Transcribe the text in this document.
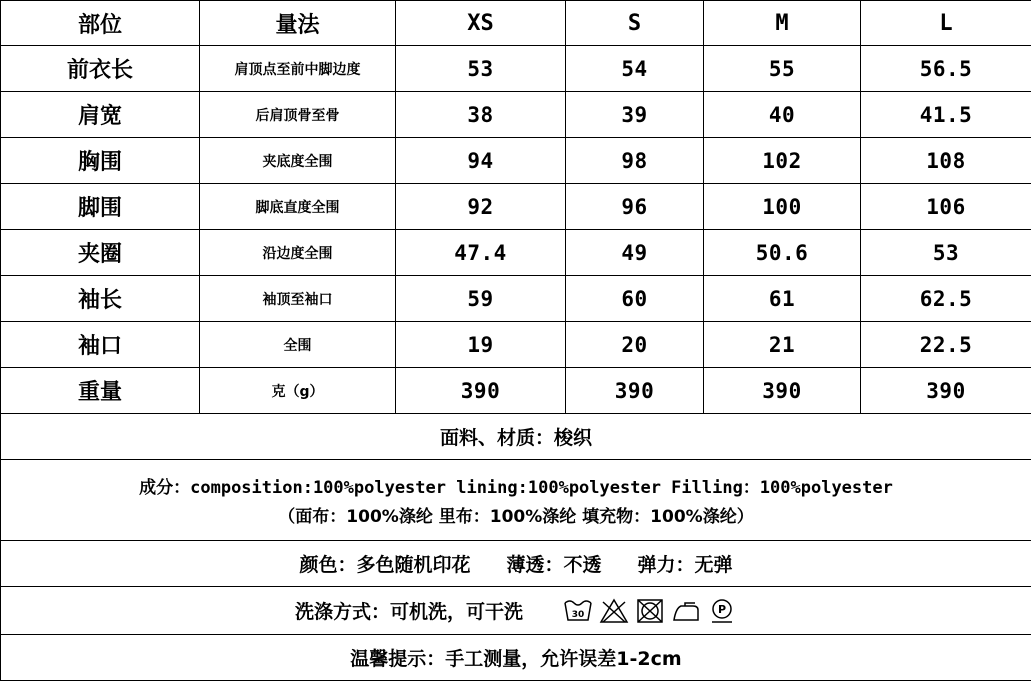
部位	量法	XS	S	M	L
前衣长	肩顶点至前中脚边度	53	54	55	56.5
肩宽	后肩顶骨至骨	38	39	40	41.5
胸围	夹底度全围	94	98	102	108
脚围	脚底直度全围	92	96	100	106
夹圈	沿边度全围	47.4	49	50.6	53
袖长	袖顶至袖口	59	60	61	62.5
袖口	全围	19	20	21	22.5
重量	克（g）	390	390	390	390
面料、材质：梭织					

成分：composition:100%polyester lining:100%polyester Filling：100%polyester
（面布：100%涤纶 里布：100%涤纶 填充物：100%涤纶）					

颜色：多色随机印花 薄透：不透 弹力：无弹					

洗涤方式：可机洗，可干洗 30 P					

温馨提示：手工测量，允许误差1-2cm					
